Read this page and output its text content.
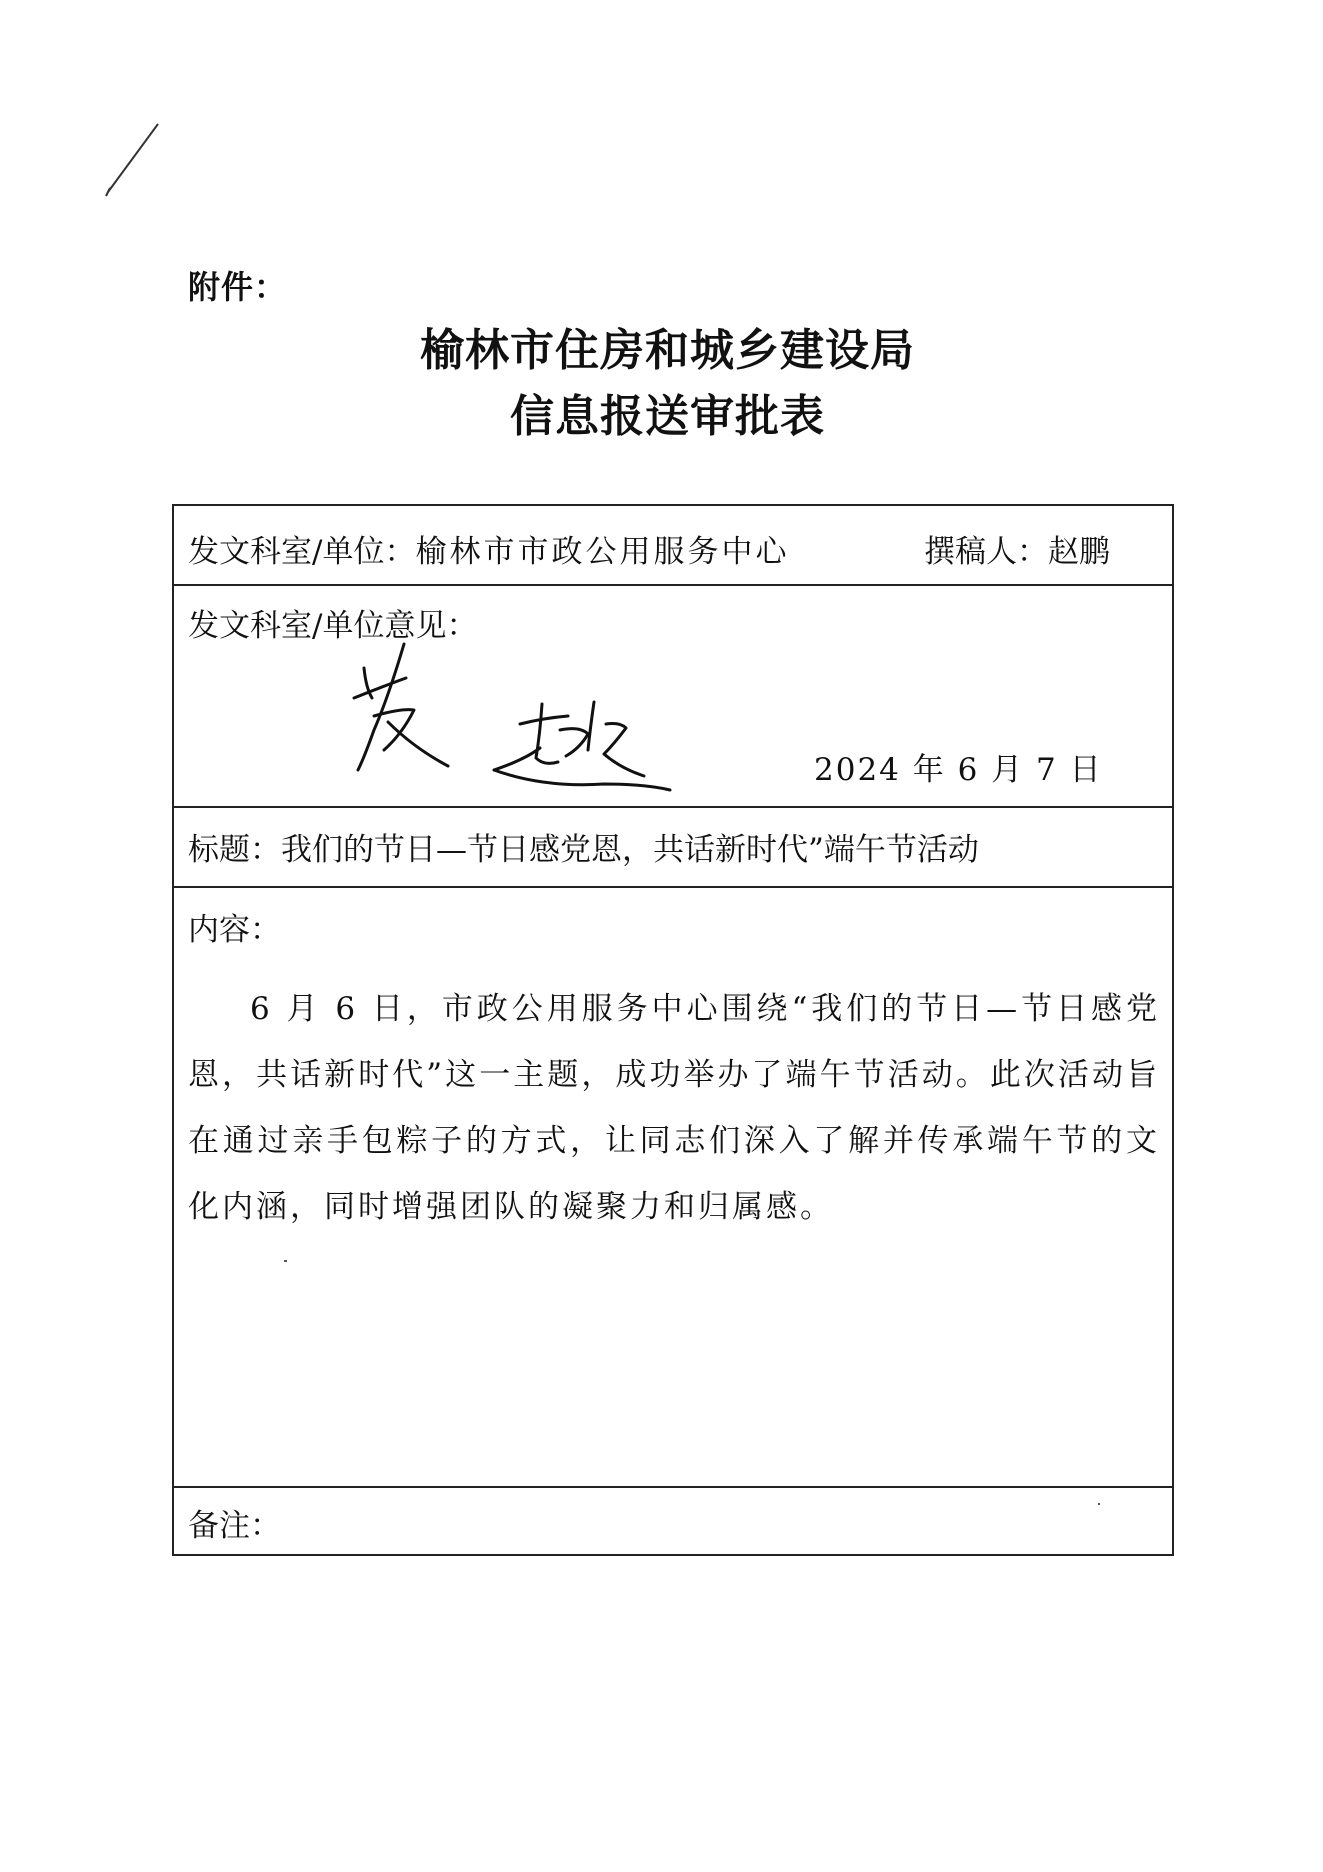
附件：
榆林市住房和城乡建设局
信息报送审批表
发文科室/单位：榆林市市政公用服务中心	撰稿人：赵鹏
发文科室/单位意见：
2024 年 6 月 7 日
标题：我们的节日—节日感党恩，共话新时代”端午节活动
内容：
6 月 6 日，市政公用服务中心围绕“我们的节日—节日感党恩，共话新时代”这一主题，成功举办了端午节活动。此次活动旨在通过亲手包粽子的方式，让同志们深入了解并传承端午节的文化内涵，同时增强团队的凝聚力和归属感。
备注：
